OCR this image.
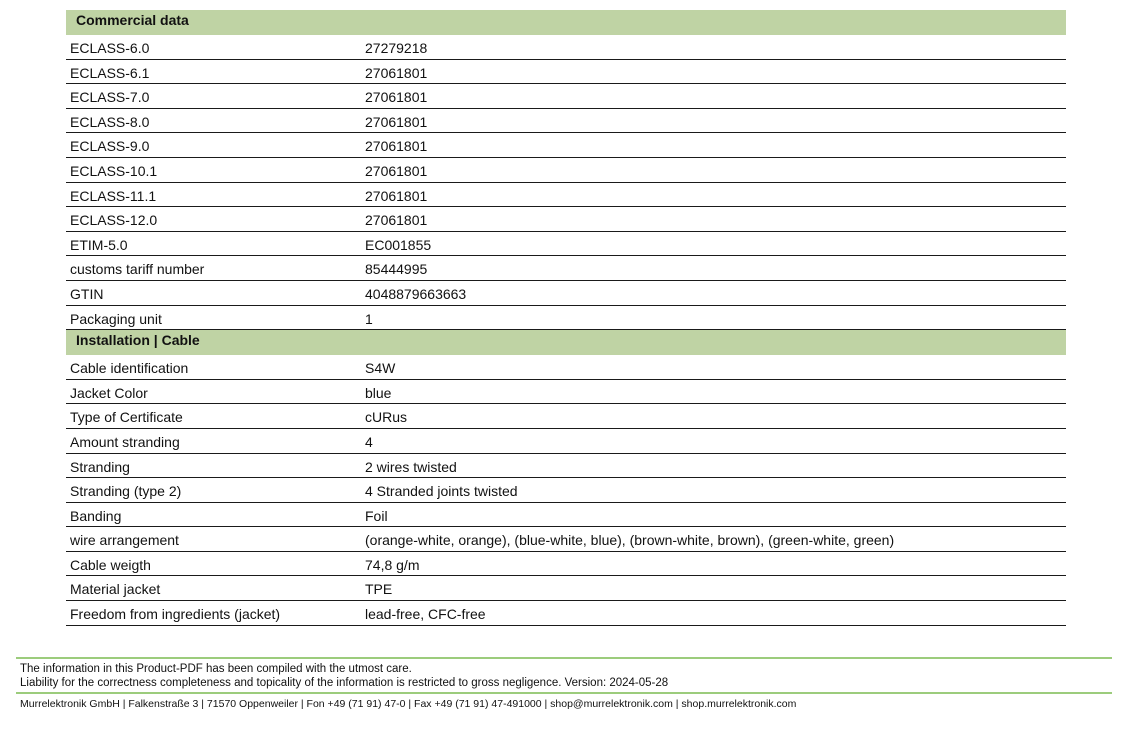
Commercial data
ECLASS-6.0	27279218
ECLASS-6.1	27061801
ECLASS-7.0	27061801
ECLASS-8.0	27061801
ECLASS-9.0	27061801
ECLASS-10.1	27061801
ECLASS-11.1	27061801
ECLASS-12.0	27061801
ETIM-5.0	EC001855
customs tariff number	85444995
GTIN	4048879663663
Packaging unit	1
Installation | Cable
Cable identification	S4W
Jacket Color	blue
Type of Certificate	cURus
Amount stranding	4
Stranding	2 wires twisted
Stranding (type 2)	4 Stranded joints twisted
Banding	Foil
wire arrangement	(orange-white, orange), (blue-white, blue), (brown-white, brown), (green-white, green)
Cable weigth	74,8 g/m
Material jacket	TPE
Freedom from ingredients (jacket)	lead-free, CFC-free
The information in this Product-PDF has been compiled with the utmost care.
Liability for the correctness completeness and topicality of the information is restricted to gross negligence. Version: 2024-05-28
Murrelektronik GmbH | Falkenstraße 3 | 71570 Oppenweiler | Fon +49 (71 91) 47-0 | Fax +49 (71 91) 47-491000 | shop@murrelektronik.com | shop.murrelektronik.com
